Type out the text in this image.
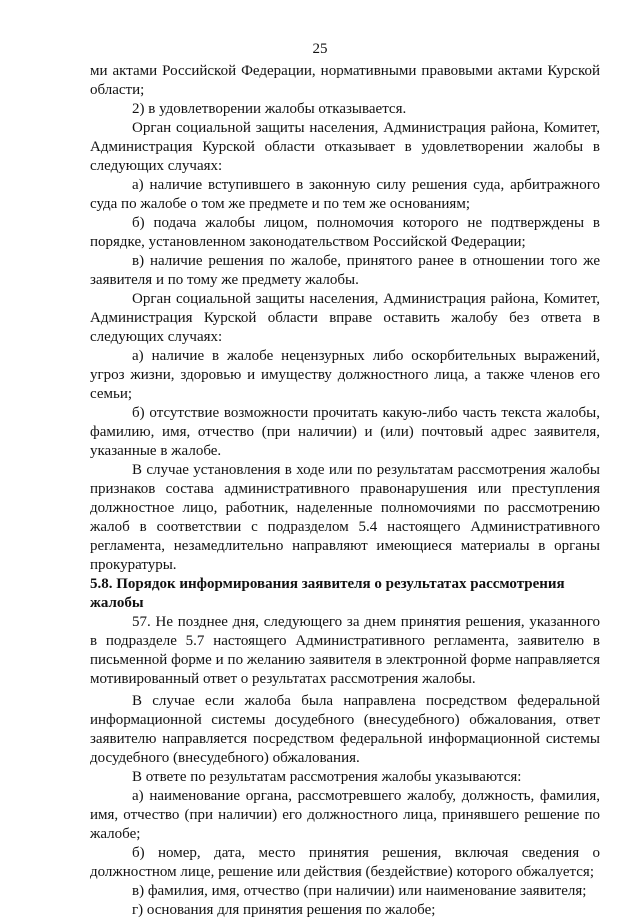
25

ми актами Российской Федерации, нормативными правовыми актами Курской области;

2) в удовлетворении жалобы отказывается.

Орган социальной защиты населения, Администрация района, Комитет, Администрация Курской области отказывает в удовлетворении жалобы в следующих случаях:

а) наличие вступившего в законную силу решения суда, арбитражного суда по жалобе о том же предмете и по тем же основаниям;

б) подача жалобы лицом, полномочия которого не подтверждены в порядке, установленном законодательством Российской Федерации;

в) наличие решения по жалобе, принятого ранее в отношении того же заявителя и по тому же предмету жалобы.

Орган социальной защиты населения, Администрация района, Комитет, Администрация Курской области вправе оставить жалобу без ответа в следующих случаях:

а) наличие в жалобе нецензурных либо оскорбительных выражений, угроз жизни, здоровью и имуществу должностного лица, а также членов его семьи;

б) отсутствие возможности прочитать какую-либо часть текста жалобы, фамилию, имя, отчество (при наличии) и (или) почтовый адрес заявителя, указанные в жалобе.

В случае установления в ходе или по результатам рассмотрения жалобы признаков состава административного правонарушения или преступления должностное лицо, работник, наделенные полномочиями по рассмотрению жалоб в соответствии с подразделом 5.4 настоящего Административного регламента, незамедлительно направляют имеющиеся материалы в органы прокуратуры.

5.8. Порядок информирования заявителя о результатах рассмотрения

жалобы

57. Не позднее дня, следующего за днем принятия решения, указанного в подразделе 5.7 настоящего Административного регламента, заявителю в письменной форме и по желанию заявителя в электронной форме направляется мотивированный ответ о результатах рассмотрения жалобы.

В случае если жалоба была направлена посредством федеральной информационной системы досудебного (внесудебного) обжалования, ответ заявителю направляется посредством федеральной информационной системы досудебного (внесудебного) обжалования.

В ответе по результатам рассмотрения жалобы указываются:

а) наименование органа, рассмотревшего жалобу, должность, фамилия, имя, отчество (при наличии) его должностного лица, принявшего решение по жалобе;

б) номер, дата, место принятия решения, включая сведения о должностном лице, решение или действия (бездействие) которого обжалуется;

в) фамилия, имя, отчество (при наличии) или наименование заявителя;

г) основания для принятия решения по жалобе;
